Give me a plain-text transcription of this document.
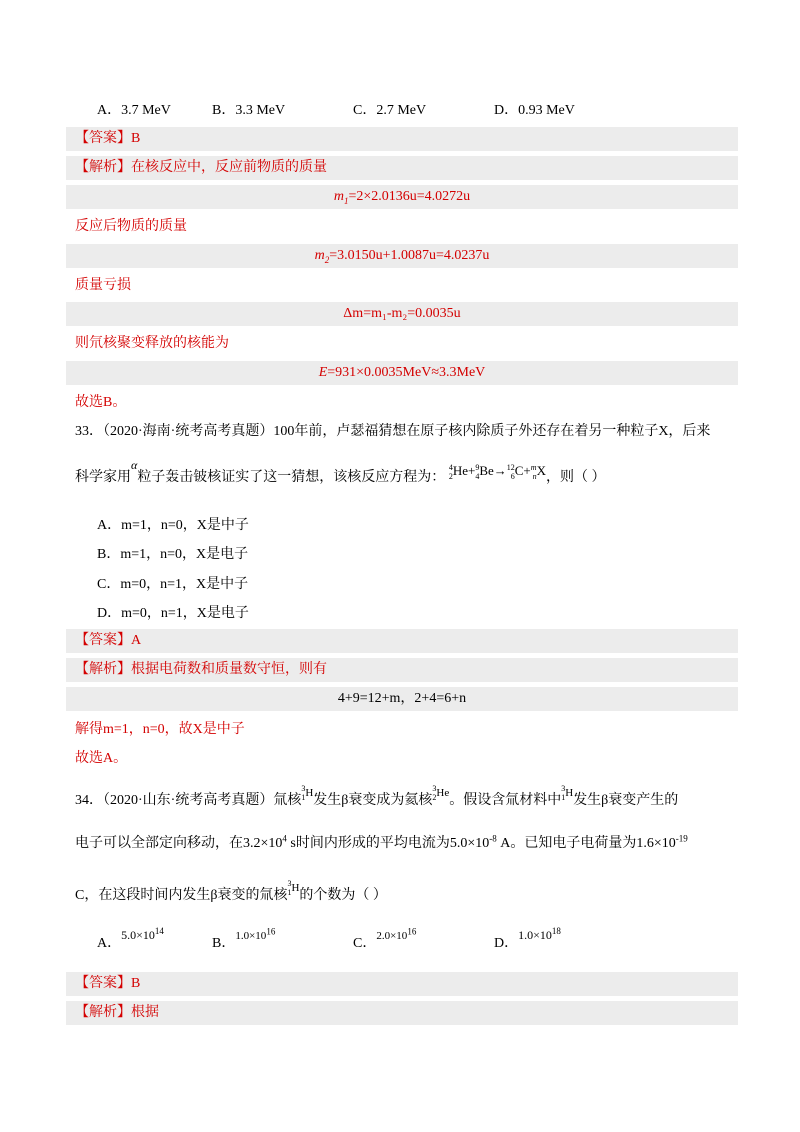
A．3.7 MeV	B．3.3 MeV	C．2.7 MeV	D．0.93 MeV
【答案】B
【解析】在核反应中，反应前物质的质量
$m_1=2\times 2.0136u=4.0272u$
反应后物质的质量
$m_2=3.0150u+1.0087u=4.0237u$
质量亏损
Δm=m₁-m₂=0.0035u
则氘核聚变释放的核能为
E=931×0.0035MeV≈3.3MeV
故选B。
33．（2020·海南·统考高考真题）100年前，卢瑟福猜想在原子核内除质子外还存在着另一种粒子X，后来
科学家用$^\alpha$粒子轰击铍核证实了这一猜想，该核反应方程为： 4
2He+9
4Be→12
6C+m
nX，则（ ）
A．m=1，n=0，X是中子
B．m=1，n=0，X是电子
C．m=0，n=1，X是中子
D．m=0，n=1，X是电子
【答案】A
【解析】根据电荷数和质量数守恒，则有
4+9=12+m，2+4=6+n
解得m=1，n=0，故X是中子
故选A。
34．（2020·山东·统考高考真题）氚核3
$1^H$发生β衰变成为氦核3
$2^{He}$。假设含氚材料中3
$1^H$发生β衰变产生的
电子可以全部定向移动，在$3.2\times 10^4$ s时间内形成的平均电流为$5.0\times 10^{-8}$ A。已知电子电荷量为$1.6\times 10^{-19}$
C，在这段时间内发生β衰变的氚核3
$1^H$的个数为（ ）
A．$5.0\times 10^{14}$
B．$^{1.0\times 10^{16}}$
C．$^{2.0\times 10^{16}}$
D．$1.0\times 10^{18}$
【答案】B
【解析】根据
